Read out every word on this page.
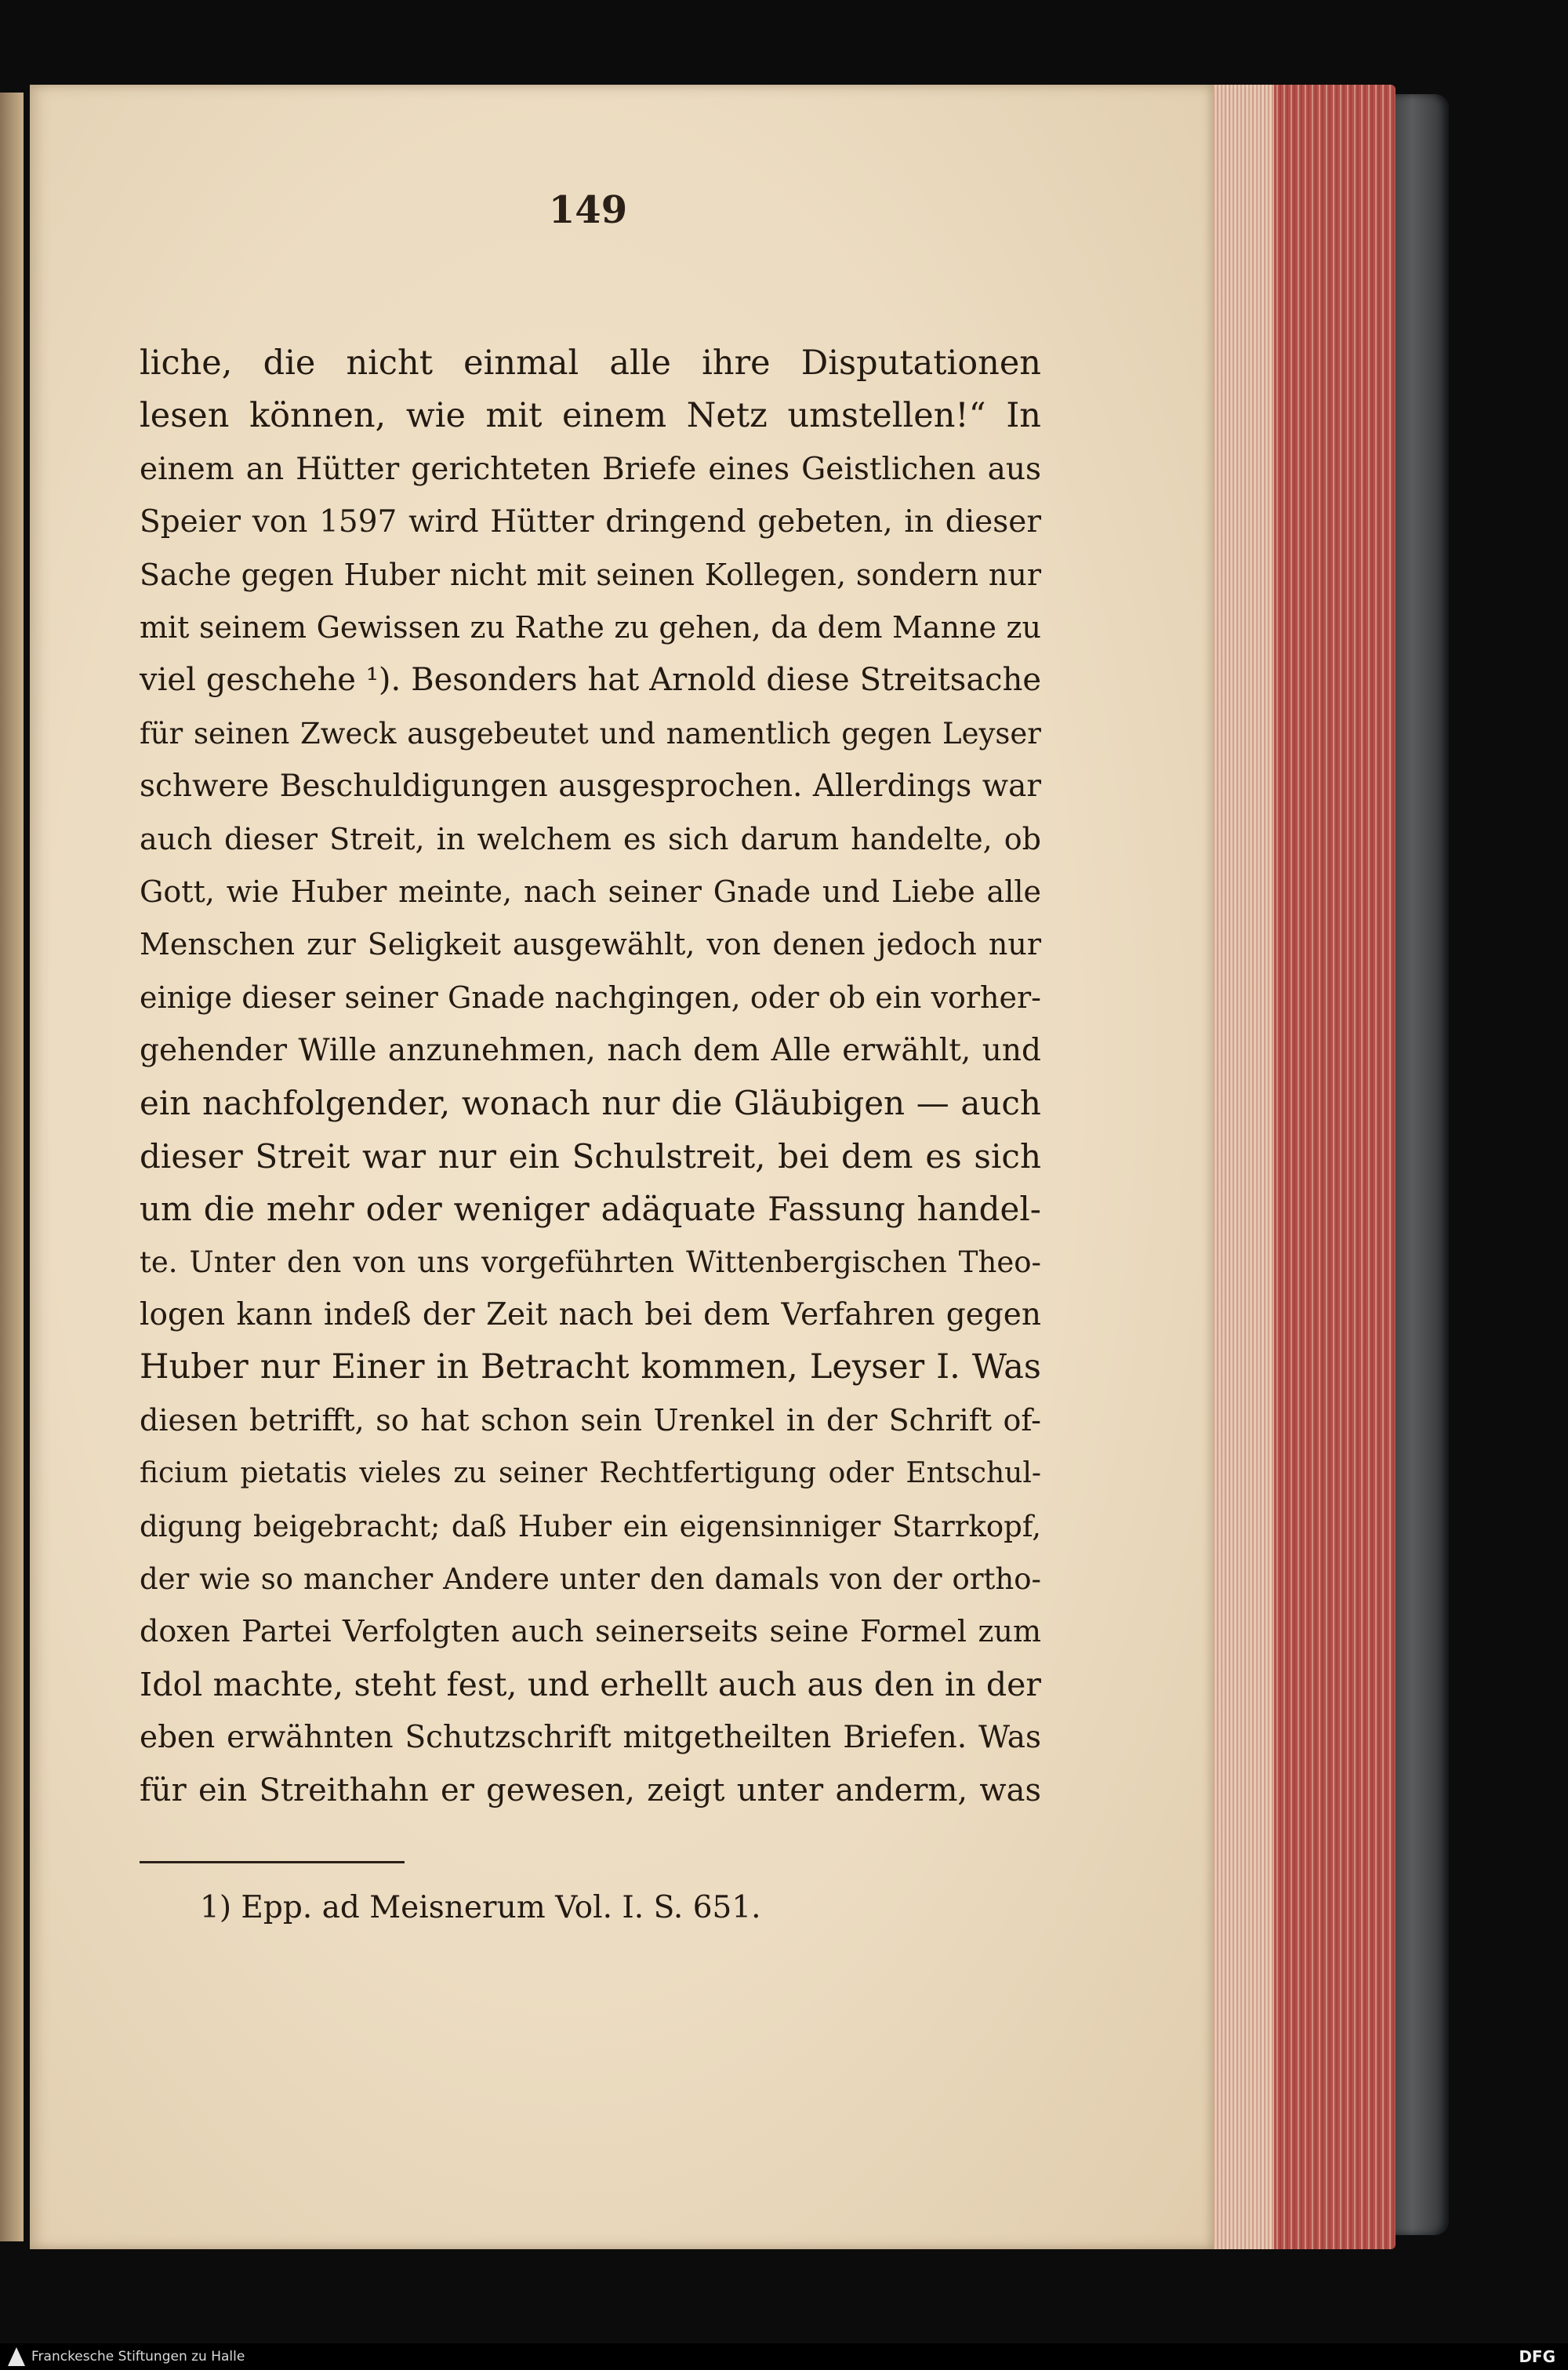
149
liche, die nicht einmal alle ihre Disputationen
lesen können, wie mit einem Netz umstellen!“ In
einem an Hütter gerichteten Briefe eines Geistlichen aus
Speier von 1597 wird Hütter dringend gebeten, in dieser
Sache gegen Huber nicht mit seinen Kollegen, sondern nur
mit seinem Gewissen zu Rathe zu gehen, da dem Manne zu
viel geschehe ¹). Besonders hat Arnold diese Streitsache
für seinen Zweck ausgebeutet und namentlich gegen Leyser
schwere Beschuldigungen ausgesprochen. Allerdings war
auch dieser Streit, in welchem es sich darum handelte, ob
Gott, wie Huber meinte, nach seiner Gnade und Liebe alle
Menschen zur Seligkeit ausgewählt, von denen jedoch nur
einige dieser seiner Gnade nachgingen, oder ob ein vorher-
gehender Wille anzunehmen, nach dem Alle erwählt, und
ein nachfolgender, wonach nur die Gläubigen — auch
dieser Streit war nur ein Schulstreit, bei dem es sich
um die mehr oder weniger adäquate Fassung handel-
te. Unter den von uns vorgeführten Wittenbergischen Theo-
logen kann indeß der Zeit nach bei dem Verfahren gegen
Huber nur Einer in Betracht kommen, Leyser I. Was
diesen betrifft, so hat schon sein Urenkel in der Schrift of-
ficium pietatis vieles zu seiner Rechtfertigung oder Entschul-
digung beigebracht; daß Huber ein eigensinniger Starrkopf,
der wie so mancher Andere unter den damals von der ortho-
doxen Partei Verfolgten auch seinerseits seine Formel zum
Idol machte, steht fest, und erhellt auch aus den in der
eben erwähnten Schutzschrift mitgetheilten Briefen. Was
für ein Streithahn er gewesen, zeigt unter anderm, was
1) Epp. ad Meisnerum Vol. I. S. 651.
Franckesche Stiftungen zu Halle	DFG
